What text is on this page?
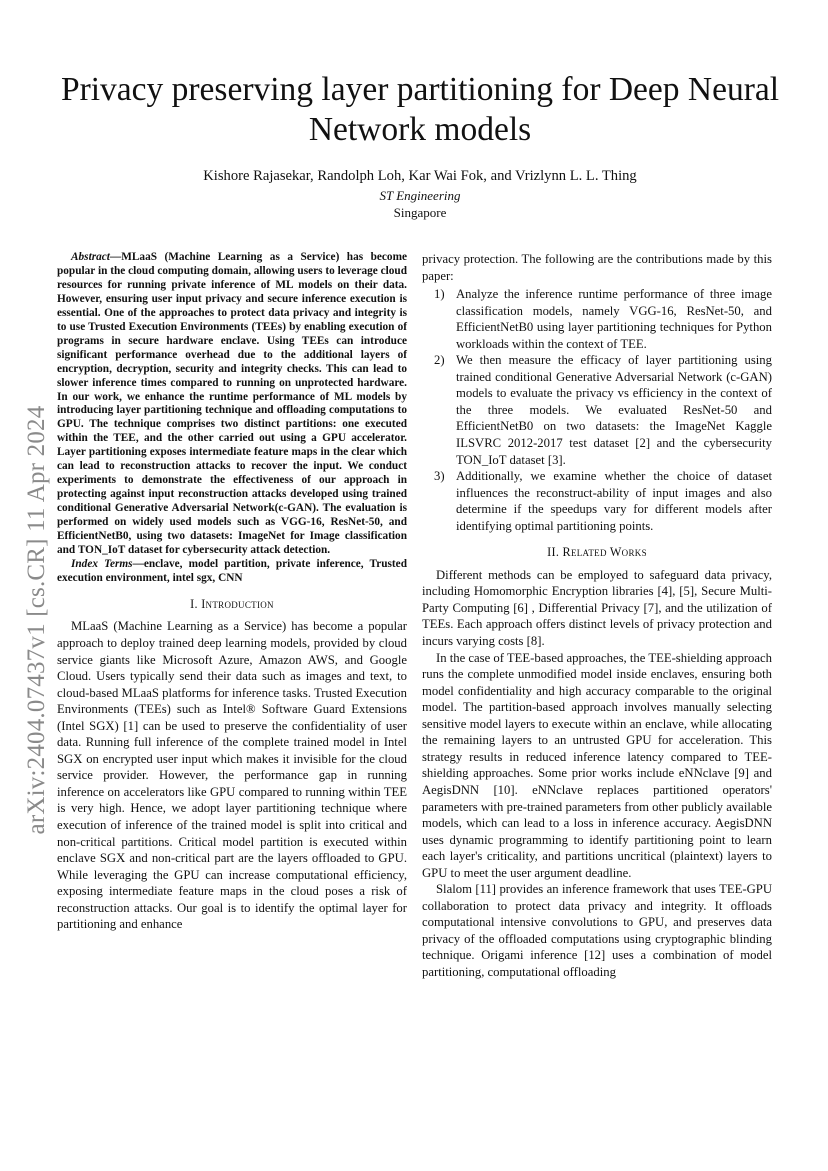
arXiv:2404.07437v1 [cs.CR] 11 Apr 2024
Privacy preserving layer partitioning for Deep Neural Network models
Kishore Rajasekar, Randolph Loh, Kar Wai Fok, and Vrizlynn L. L. Thing
ST Engineering
Singapore

Abstract—MLaaS (Machine Learning as a Service) has become popular in the cloud computing domain, allowing users to leverage cloud resources for running private inference of ML models on their data. However, ensuring user input privacy and secure inference execution is essential. One of the approaches to protect data privacy and integrity is to use Trusted Execution Environments (TEEs) by enabling execution of programs in secure hardware enclave. Using TEEs can introduce significant performance overhead due to the additional layers of encryption, decryption, security and integrity checks. This can lead to slower inference times compared to running on unprotected hardware. In our work, we enhance the runtime performance of ML models by introducing layer partitioning technique and offloading computations to GPU. The technique comprises two distinct partitions: one executed within the TEE, and the other carried out using a GPU accelerator. Layer partitioning exposes intermediate feature maps in the clear which can lead to reconstruction attacks to recover the input. We conduct experiments to demonstrate the effectiveness of our approach in protecting against input reconstruction attacks developed using trained conditional Generative Adversarial Network(c-GAN). The evaluation is performed on widely used models such as VGG-16, ResNet-50, and EfficientNetB0, using two datasets: ImageNet for Image classification and TON_IoT dataset for cybersecurity attack detection.

Index Terms—enclave, model partition, private inference, Trusted execution environment, intel sgx, CNN

I. Introduction

MLaaS (Machine Learning as a Service) has become a popular approach to deploy trained deep learning models, provided by cloud service giants like Microsoft Azure, Amazon AWS, and Google Cloud. Users typically send their data such as images and text, to cloud-based MLaaS platforms for inference tasks. Trusted Execution Environments (TEEs) such as Intel® Software Guard Extensions (Intel SGX) [1] can be used to preserve the confidentiality of user data. Running full inference of the complete trained model in Intel SGX on encrypted user input which makes it invisible for the cloud service provider. However, the performance gap in running inference on accelerators like GPU compared to running within TEE is very high. Hence, we adopt layer partitioning technique where execution of inference of the trained model is split into critical and non-critical partitions. Critical model partition is executed within enclave SGX and non-critical part are the layers offloaded to GPU. While leveraging the GPU can increase computational efficiency, exposing intermediate feature maps in the cloud poses a risk of reconstruction attacks. Our goal is to identify the optimal layer for partitioning and enhance

privacy protection. The following are the contributions made by this paper:

1) Analyze the inference runtime performance of three image classification models, namely VGG-16, ResNet-50, and EfficientNetB0 using layer partitioning techniques for Python workloads within the context of TEE.
2) We then measure the efficacy of layer partitioning using trained conditional Generative Adversarial Network (c-GAN) models to evaluate the privacy vs efficiency in the context of the three models. We evaluated ResNet-50 and EfficientNetB0 on two datasets: the ImageNet Kaggle ILSVRC 2012-2017 test dataset [2] and the cybersecurity TON_IoT dataset [3].
3) Additionally, we examine whether the choice of dataset influences the reconstruct-ability of input images and also determine if the speedups vary for different models after identifying optimal partitioning points.
II. Related Works

Different methods can be employed to safeguard data privacy, including Homomorphic Encryption libraries [4], [5], Secure Multi-Party Computing [6] , Differential Privacy [7], and the utilization of TEEs. Each approach offers distinct levels of privacy protection and incurs varying costs [8].

In the case of TEE-based approaches, the TEE-shielding approach runs the complete unmodified model inside enclaves, ensuring both model confidentiality and high accuracy comparable to the original model. The partition-based approach involves manually selecting sensitive model layers to execute within an enclave, while allocating the remaining layers to an untrusted GPU for acceleration. This strategy results in reduced inference latency compared to TEE-shielding approaches. Some prior works include eNNclave [9] and AegisDNN [10]. eNNclave replaces partitioned operators' parameters with pre-trained parameters from other publicly available models, which can lead to a loss in inference accuracy. AegisDNN uses dynamic programming to identify partitioning point to learn each layer's criticality, and partitions uncritical (plaintext) layers to GPU to meet the user argument deadline.

Slalom [11] provides an inference framework that uses TEE-GPU collaboration to protect data privacy and integrity. It offloads computational intensive convolutions to GPU, and preserves data privacy of the offloaded computations using cryptographic blinding technique. Origami inference [12] uses a combination of model partitioning, computational offloading
